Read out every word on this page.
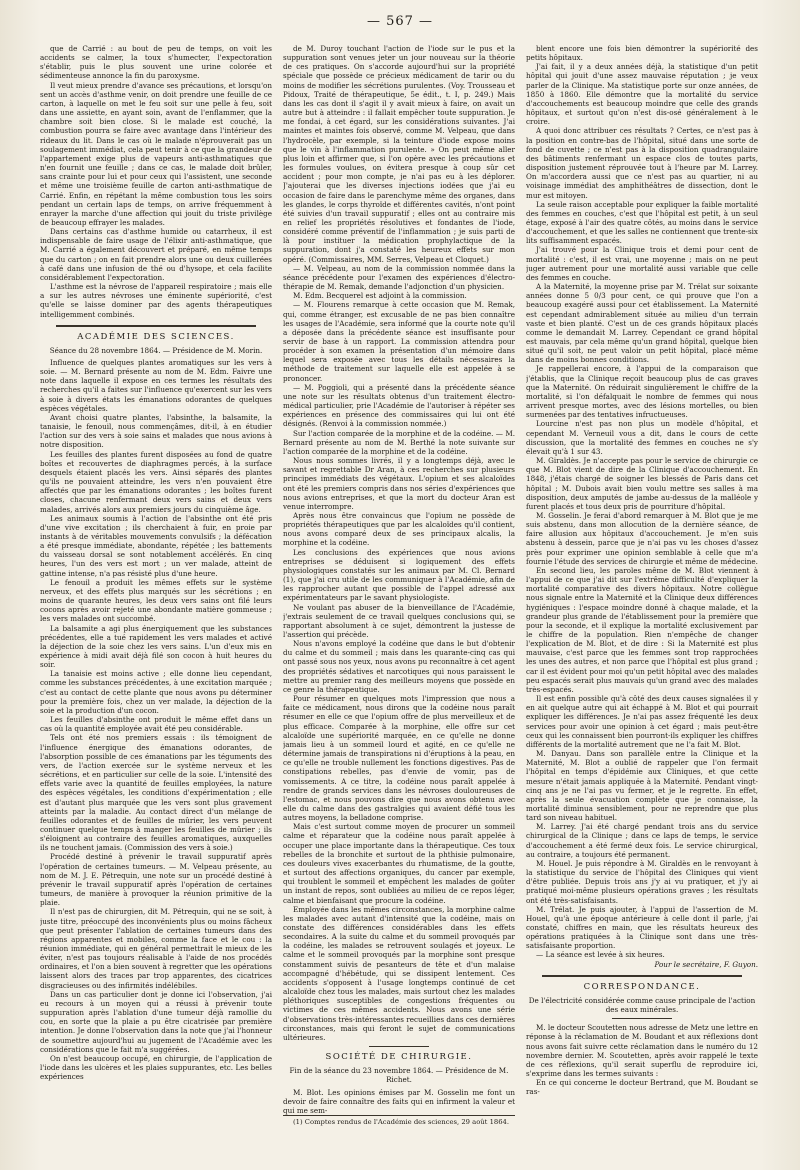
— 567 —

que de Carrié : au bout de peu de temps, on voit les accidents se calmer, la toux s'humecter, l'expectoration s'établir, puis le plus souvent une urine colorée et sédimenteuse annonce la fin du paroxysme.

Il veut mieux prendre d'avance ses précautions, et lorsqu'on sent un accès d'asthme venir, on doit prendre une feuille de ce carton, à laquelle on met le feu soit sur une pelle à feu, soit dans une assiette, en ayant soin, avant de l'enflammer, que la chambre soit bien close. Si le malade est couché, la combustion pourra se faire avec avantage dans l'intérieur des rideaux du lit. Dans le cas où le malade n'éprouverait pas un soulagement immédiat, cela peut tenir à ce que la grandeur de l'appartement exige plus de vapeurs anti-asthmatiques que n'en fournit une feuille ; dans ce cas, le malade doit brûler, sans crainte pour lui et pour ceux qui l'assistent, une seconde et même une troisième feuille de carton anti-asthmatique de Carrié. Enfin, en répétant la même combustion tous les soirs pendant un certain laps de temps, on arrive fréquemment à enrayer la marche d'une affection qui jouit du triste privilège de beaucoup effrayer les malades.

Dans certains cas d'asthme humide ou catarrheux, il est indispensable de faire usage de l'élixir anti-asthmatique, que M. Carrié a également découvert et préparé, en même temps que du carton ; on en fait prendre alors une ou deux cuillerées à café dans une infusion de thé ou d'hysope, et cela facilite considérablement l'expectoration.

L'asthme est la névrose de l'appareil respiratoire ; mais elle a sur les autres névroses une éminente supériorité, c'est qu'elle se laisse dominer par des agents thérapeutiques intelligemment combinés.

ACADÉMIE DES SCIENCES.

Séance du 28 novembre 1864. — Présidence de M. Morin.

Influence de quelques plantes aromatiques sur les vers à soie. — M. Bernard présente au nom de M. Edm. Faivre une note dans laquelle il expose en ces termes les résultats des recherches qu'il a faites sur l'influence qu'exercent sur les vers à soie à divers états les émanations odorantes de quelques espèces végétales.

Avant choisi quatre plantes, l'absinthe, la balsamite, la tanaisie, le fenouil, nous commençâmes, dit-il, à en étudier l'action sur des vers à soie sains et malades que nous avions à notre disposition.

Les feuilles des plantes furent disposées au fond de quatre boîtes et recouvertes de diaphragmes percés, à la surface desquels étaient placés les vers. Ainsi séparés des plantes qu'ils ne pouvaient atteindre, les vers n'en pouvaient être affectés que par les émanations odorantes ; les boîtes furent closes, chacune renfermant deux vers sains et deux vers malades, arrivés alors aux premiers jours du cinquième âge.

Les animaux soumis à l'action de l'absinthe ont été pris d'une vive excitation ; ils cherchaient à fuir, en proie par instants à de véritables mouvements convulsifs ; la défécation a été presque immédiate, abondante, répétée ; les battements du vaisseau dorsal se sont notablement accélérés. En cinq heures, l'un des vers est mort ; un ver malade, atteint de gattine intense, n'a pas résisté plus d'une heure.

Le fenouil a produit les mêmes effets sur le système nerveux, et des effets plus marqués sur les sécrétions ; en moins de quarante heures, les deux vers sains ont filé leurs cocons après avoir rejeté une abondante matière gommeuse ; les vers malades ont succombé.

La balsamite a agi plus énergiquement que les substances précédentes, elle a tué rapidement les vers malades et activé la déjection de la soie chez les vers sains. L'un d'eux mis en expérience à midi avait déjà filé son cocon à huit heures du soir.

La tanaisie est moins active ; elle donne lieu cependant, comme les substances précédentes, à une excitation marquée ; c'est au contact de cette plante que nous avons pu déterminer pour la première fois, chez un ver malade, la déjection de la soie et la production d'un cocon.

Les feuilles d'absinthe ont produit le même effet dans un cas où la quantité employée avait été peu considérable.

Tels ont été nos premiers essais : ils témoignent de l'influence énergique des émanations odorantes, de l'absorption possible de ces émanations par les téguments des vers, de l'action exercée sur le système nerveux et les sécrétions, et en particulier sur celle de la soie. L'intensité des effets varie avec la quantité de feuilles employées, la nature des espèces végétales, les conditions d'expérimentation ; elle est d'autant plus marquée que les vers sont plus gravement atteints par la maladie. Au contact direct d'un mélange de feuilles odorantes et de feuilles de mûrier, les vers peuvent continuer quelque temps à manger les feuilles de mûrier ; ils s'éloignent au contraire des feuilles aromatiques, auxquelles ils ne touchent jamais. (Commission des vers à soie.)

Procédé destiné à prévenir le travail suppuratif après l'opération de certaines tumeurs. — M. Velpeau présente, au nom de M. J. E. Pétrequin, une note sur un procédé destiné à prévenir le travail suppuratif après l'opération de certaines tumeurs, de manière à provoquer la réunion primitive de la plaie.

Il n'est pas de chirurgien, dit M. Pétrequin, qui ne se soit, à juste titre, préoccupé des inconvénients plus ou moins fâcheux que peut présenter l'ablation de certaines tumeurs dans des régions apparentes et mobiles, comme la face et le cou : la réunion immédiate, qui en général permettrait le mieux de les éviter, n'est pas toujours réalisable à l'aide de nos procédés ordinaires, et l'on a bien souvent à regretter que les opérations laissent alors des traces par trop apparentes, des cicatrices disgracieuses ou des infirmités indélébiles.

Dans un cas particulier dont je donne ici l'observation, j'ai eu recours à un moyen qui a réussi à prévenir toute suppuration après l'ablation d'une tumeur déjà ramollie du cou, en sorte que la plaie a pu être cicatrisée par première intention. Je donne l'observation dans la note que j'ai l'honneur de soumettre aujourd'hui au jugement de l'Académie avec les considérations que le fait m'a suggérées.

On n'est beaucoup occupé, en chirurgie, de l'application de l'iode dans les ulcères et les plaies suppurantes, etc. Les belles expériences

de M. Duroy touchant l'action de l'iode sur le pus et la suppuration sont venues jeter un jour nouveau sur la théorie de ces pratiques. On s'accorde aujourd'hui sur la propriété spéciale que possède ce précieux médicament de tarir ou du moins de modifier les sécrétions purulentes. (Voy. Trousseau et Pidoux, Traité de thérapeutique, 5e édit., t. I, p. 249.) Mais dans les cas dont il s'agit il y avait mieux à faire, on avait un autre but à atteindre : il fallait empêcher toute suppuration. Je me fondai, à cet égard, sur les considérations suivantes. J'ai maintes et maintes fois observé, comme M. Velpeau, que dans l'hydrocèle, par exemple, si la teinture d'iode expose moins que le vin à l'inflammation purulente. » On peut même aller plus loin et affirmer que, si l'on opère avec les précautions et les formules voulues, on évitera presque à coup sûr cet accident ; pour mon compte, je n'ai pas eu à les déplorer. J'ajouterai que les diverses injections iodées que j'ai eu occasion de faire dans le parenchyme même des organes, dans les glandes, le corps thyroïde et différentes cavités, n'ont point été suivies d'un travail suppuratif ; elles ont au contraire mis en relief les propriétés résolutives et fondantes de l'iode, considéré comme préventif de l'inflammation ; je suis parti de là pour instituer la médication prophylactique de la suppuration, dont j'a constaté les heureux effets sur mon opéré. (Commissaires, MM. Serres, Velpeau et Cloquet.)

— M. Velpeau, au nom de la commission nommée dans la séance précédente pour l'examen des expériences d'électro-thérapie de M. Remak, demande l'adjonction d'un physicien.

M. Edm. Becquerel est adjoint à la commission.

— M. Flourens remarque à cette occasion que M. Remak, qui, comme étranger, est excusable de ne pas bien connaître les usages de l'Académie, sera informé que la courte note qu'il a déposée dans la précédente séance est insuffisante pour servir de base à un rapport. La commission attendra pour procéder à son examen la présentation d'un mémoire dans lequel sera exposée avec tous les détails nécessaires la méthode de traitement sur laquelle elle est appelée à se prononcer.

— M. Poggioli, qui a présenté dans la précédente séance une note sur les résultats obtenus d'un traitement électro-médical particulier, prie l'Académie de l'autoriser à répéter ses expériences en présence des commissaires qui lui ont été désignés. (Renvoi à la commission nommée.)

Sur l'action comparée de la morphine et de la codéine. — M. Bernard présente au nom de M. Berthé la note suivante sur l'action comparée de la morphine et de la codéine.

Nous nous sommes livrés, il y a longtemps déjà, avec le savant et regrettable Dr Aran, à ces recherches sur plusieurs principes immédiats des végétaux. L'opium et ses alcaloïdes ont été les premiers compris dans nos séries d'expériences que nous avions entreprises, et que la mort du docteur Aran est venue interrompre.

Après nous être convaincus que l'opium ne possède de propriétés thérapeutiques que par les alcaloïdes qu'il contient, nous avons comparé deux de ses principaux alcalis, la morphine et la codéine.

Les conclusions des expériences que nous avions entreprises se déduisent si logiquement des effets physiologiques constatés sur les animaux par M. Cl. Bernard (1), que j'ai cru utile de les communiquer à l'Académie, afin de les rapprocher autant que possible de l'appel adressé aux expérimentateurs par le savant physiologiste.

Ne voulant pas abuser de la bienveillance de l'Académie, j'extrais seulement de ce travail quelques conclusions qui, se rapportant absolument à ce sujet, démontrent la justesse de l'assertion qui précède.

Nous n'avons employé la codéine que dans le but d'obtenir du calme et du sommeil ; mais dans les quarante-cinq cas qui ont passé sous nos yeux, nous avons pu reconnaître à cet agent des propriétés sédatives et narcotiques qui nous paraissent le mettre au premier rang des meilleurs moyens que possède en ce genre la thérapeutique.

Pour résumer en quelques mots l'impression que nous a faite ce médicament, nous dirons que la codéine nous paraît résumer en elle ce que l'opium offre de plus merveilleux et de plus efficace. Comparée à la morphine, elle offre sur cet alcaloïde une supériorité marquée, en ce qu'elle ne donne jamais lieu à un sommeil lourd et agité, en ce qu'elle ne détermine jamais de transpirations ni d'éruptions à la peau, en ce qu'elle ne trouble nullement les fonctions digestives. Pas de constipations rebelles, pas d'envie de vomir, pas de vomissements. A ce titre, la codéine nous paraît appelée à rendre de grands services dans les névroses douloureuses de l'estomac, et nous pouvons dire que nous avons obtenu avec elle du calme dans des gastralgies qui avaient défié tous les autres moyens, la belladone comprise.

Mais c'est surtout comme moyen de procurer un sommeil calme et réparateur que la codéine nous paraît appelée à occuper une place importante dans la thérapeutique. Ces toux rebelles de la bronchite et surtout de la phthisie pulmonaire, ces douleurs vives exacerbantes du rhumatisme, de la goutte, et surtout des affections organiques, du cancer par exemple, qui troublent le sommeil et empêchent les malades de goûter un instant de repos, sont oubliées au milieu de ce repos léger, calme et bienfaisant que procure la codéine.

Employée dans les mêmes circonstances, la morphine calme les malades avec autant d'intensité que la codéine, mais on constate des différences considérables dans les effets secondaires. A la suite du calme et du sommeil provoqués par la codéine, les malades se retrouvent soulagés et joyeux. Le calme et le sommeil provoqués par la morphine sont presque constamment suivis de pesanteurs de tête et d'un malaise accompagné d'hébétude, qui se dissipent lentement. Ces accidents s'opposent à l'usage longtemps continué de cet alcaloïde chez tous les malades, mais surtout chez les malades pléthoriques susceptibles de congestions fréquentes ou victimes de ces mêmes accidents. Nous avons une série d'observations très-intéressantes recueillies dans ces dernières circonstances, mais qui feront le sujet de communications ultérieures.

SOCIÉTÉ DE CHIRURGIE.

Fin de la séance du 23 novembre 1864. — Présidence de M. Richet.

M. Blot. Les opinions émises par M. Gosselin me font un devoir de faire connaître des faits qui en infirment la valeur et qui me sem-

(1) Comptes rendus de l'Académie des sciences, 29 août 1864.

blent encore une fois bien démontrer la supériorité des petits hôpitaux.

J'ai fait, il y a deux années déjà, la statistique d'un petit hôpital qui jouit d'une assez mauvaise réputation ; je veux parler de la Clinique. Ma statistique porte sur onze années, de 1850 à 1860. Elle démontre que la mortalité du service d'accouchements est beaucoup moindre que celle des grands hôpitaux, et surtout qu'on n'est dis-osé généralement à le croire.

A quoi donc attribuer ces résultats ? Certes, ce n'est pas à la position en contre-bas de l'hôpital, situé dans une sorte de fond de cuvette ; ce n'est pas à la disposition quadrangulaire des bâtiments renfermant un espace clos de toutes parts, disposition justement réprouvée tout à l'heure par M. Larrey. On m'accordera aussi que ce n'est pas au quartier, ni au voisinage immédiat des amphithéâtres de dissection, dont le mur est mitoyen.

La seule raison acceptable pour expliquer la faible mortalité des femmes en couches, c'est que l'hôpital est petit, à un seul étage, exposé à l'air des quatre côtés, au moins dans le service d'accouchement, et que les salles ne contiennent que trente-six lits suffisamment espacés.

J'ai trouvé pour la Clinique trois et demi pour cent de mortalité : c'est, il est vrai, une moyenne ; mais on ne peut juger autrement pour une mortalité aussi variable que celle des femmes en couche.

A la Maternité, la moyenne prise par M. Trélat sur soixante années donne 5 0/3 pour cent, ce qui prouve que l'on a beaucoup exagéré aussi pour cet établissement. La Maternité est cependant admirablement située au milieu d'un terrain vaste et bien planté. C'est un de ces grands hôpitaux placés comme le demandait M. Larrey. Cependant ce grand hôpital est mauvais, par cela même qu'un grand hôpital, quelque bien situé qu'il soit, ne peut valoir un petit hôpital, placé même dans de moins bonnes conditions.

Je rappellerai encore, à l'appui de la comparaison que j'établis, que la Clinique reçoit beaucoup plus de cas graves que la Maternité. On réduirait singulièrement le chiffre de la mortalité, si l'on défalquait le nombre de femmes qui nous arrivent presque mortes, avec des lésions mortelles, ou bien surmenées par des tentatives infructueuses.

Lourcine n'est pas non plus un modèle d'hôpital, et cependant M. Verneuil vous a dit, dans le cours de cette discussion, que la mortalité des femmes en couches ne s'y élevait qu'à 1 sur 43.

M. Giraldès. Je n'accepte pas pour le service de chirurgie ce que M. Blot vient de dire de la Clinique d'accouchement. En 1848, j'étais chargé de soigner les blessés de Paris dans cet hôpital ; M. Dubois avait bien voulu mettre ses salles à ma disposition, deux amputés de jambe au-dessus de la malléole y furent placés et tous deux pris de pourriture d'hôpital.

M. Gosselin. Je ferai d'abord remarquer à M. Blot que je me suis abstenu, dans mon allocution de la dernière séance, de faire allusion aux hôpitaux d'accouchement. Je m'en suis abstenu à dessein, parce que je n'ai pas vu les choses d'assez près pour exprimer une opinion semblable à celle que m'a fournie l'étude des services de chirurgie et même de médecine.

En second lieu, les paroles même de M. Blot viennent à l'appui de ce que j'ai dit sur l'extrême difficulté d'expliquer la mortalité comparative des divers hôpitaux. Notre collègue nous signale entre la Maternité et la Clinique deux différences hygiéniques : l'espace moindre donné à chaque malade, et la grandeur plus grande de l'établissement pour la première que pour la seconde, et il explique la mortalité exclusivement par le chiffre de la population. Rien n'empêche de changer l'explication de M. Blot, et de dire : Si la Maternité est plus mauvaise, c'est parce que les femmes sont trop rapprochées les unes des autres, et non parce que l'hôpital est plus grand ; car il est évident pour moi qu'un petit hôpital avec des malades peu espacés serait plus mauvais qu'un grand avec des malades très-espacés.

Il est enfin possible qu'à côté des deux causes signalées il y en ait quelque autre qui ait échappé à M. Blot et qui pourrait expliquer les différences. Je n'ai pas assez fréquenté les deux services pour avoir une opinion à cet égard ; mais peut-être ceux qui les connaissent bien pourront-ils expliquer les chiffres différents de la mortalité autrement que ne l'a fait M. Blot.

M. Danyau. Dans son parallèle entre la Clinique et la Maternité, M. Blot a oublié de rappeler que l'on fermait l'hôpital en temps d'épidémie aux Cliniques, et que cette mesure n'était jamais appliquée à la Maternité. Pendant vingt-cinq ans je ne l'ai pas vu fermer, et je le regrette. En effet, après la seule évacuation complète que je connaisse, la mortalité diminua sensiblement, pour ne reprendre que plus tard son niveau habituel.

M. Larrey. J'ai été chargé pendant trois ans du service chirurgical de la Clinique ; dans ce laps de temps, le service d'accouchement a été fermé deux fois. Le service chirurgical, au contraire, a toujours été permanent.

M. Houel. Je puis répondre à M. Giraldès en le renvoyant à la statistique du service de l'hôpital des Cliniques qui vient d'être publiée. Depuis trois ans j'y ai vu pratiquer, et j'y ai pratiqué moi-même plusieurs opérations graves ; les résultats ont été très-satisfaisants.

M. Trélat. Je puis ajouter, à l'appui de l'assertion de M. Houel, qu'à une époque antérieure à celle dont il parle, j'ai constaté, chiffres en main, que les résultats heureux des opérations pratiquées à la Clinique sont dans une très-satisfaisante proportion.

— La séance est levée à six heures.

Pour le secrétaire, F. Guyon.

CORRESPONDANCE.

De l'électricité considérée comme cause principale de l'action des eaux minérales.

M. le docteur Scoutetten nous adresse de Metz une lettre en réponse à la réclamation de M. Boudant et aux réflexions dont nous avons fait suivre cette réclamation dans le numéro du 12 novembre dernier. M. Scoutetten, après avoir rappelé le texte de ces réflexions, qu'il serait superflu de reproduire ici, s'exprime dans les termes suivants :

En ce qui concerne le docteur Bertrand, que M. Boudant se ras-
